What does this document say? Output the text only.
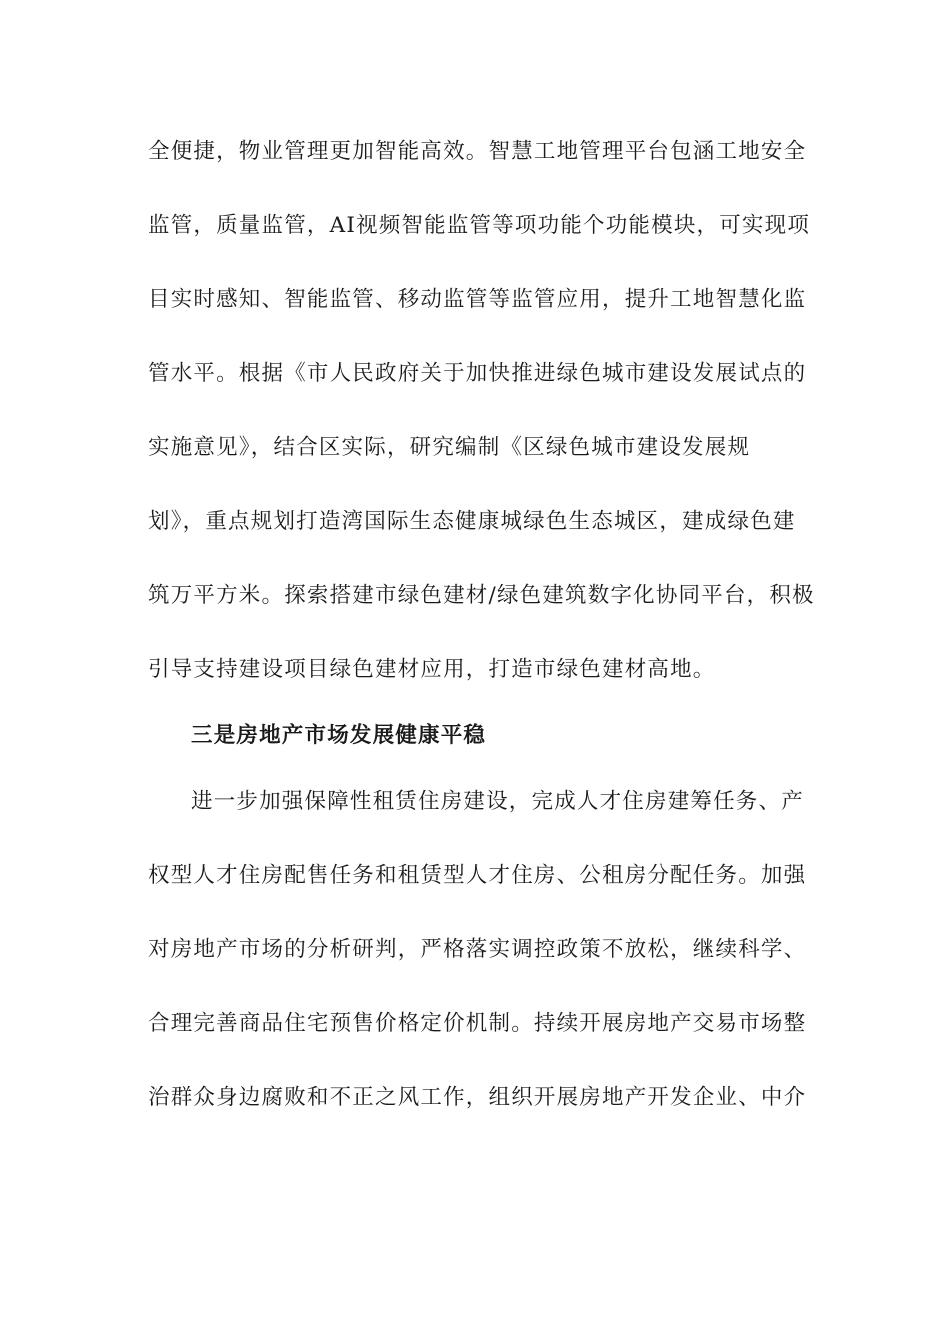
全便捷，物业管理更加智能高效。智慧工地管理平台包涵工地安全
监管，质量监管，AI视频智能监管等项功能个功能模块，可实现项
目实时感知、智能监管、移动监管等监管应用，提升工地智慧化监
管水平。根据《市人民政府关于加快推进绿色城市建设发展试点的
实施意见》，结合区实际，研究编制《区绿色城市建设发展规
划》，重点规划打造湾国际生态健康城绿色生态城区，建成绿色建
筑万平方米。探索搭建市绿色建材/绿色建筑数字化协同平台，积极
引导支持建设项目绿色建材应用，打造市绿色建材高地。
三是房地产市场发展健康平稳
进一步加强保障性租赁住房建设，完成人才住房建筹任务、产
权型人才住房配售任务和租赁型人才住房、公租房分配任务。加强
对房地产市场的分析研判，严格落实调控政策不放松，继续科学、
合理完善商品住宅预售价格定价机制。持续开展房地产交易市场整
治群众身边腐败和不正之风工作，组织开展房地产开发企业、中介
